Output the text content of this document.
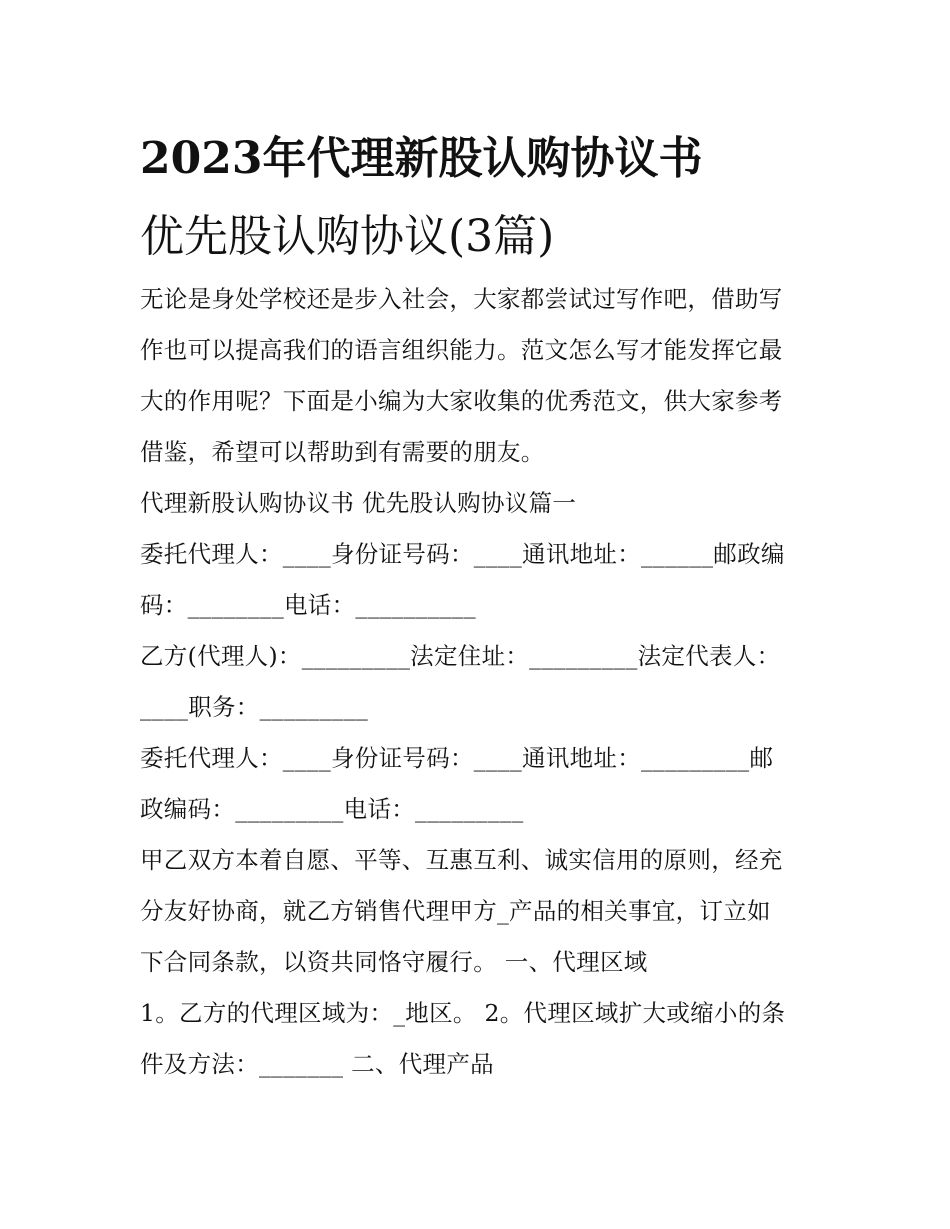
2023年代理新股认购协议书
优先股认购协议(3篇)
无论是身处学校还是步入社会，大家都尝试过写作吧，借助写
作也可以提高我们的语言组织能力。范文怎么写才能发挥它最
大的作用呢？下面是小编为大家收集的优秀范文，供大家参考
借鉴，希望可以帮助到有需要的朋友。
代理新股认购协议书 优先股认购协议篇一
委托代理人：____身份证号码：____通讯地址：______邮政编
码：________电话：__________
乙方(代理人)：_________法定住址：_________法定代表人：
____职务：_________
委托代理人：____身份证号码：____通讯地址：_________邮
政编码：_________电话：_________
甲乙双方本着自愿、平等、互惠互利、诚实信用的原则，经充
分友好协商，就乙方销售代理甲方_产品的相关事宜，订立如
下合同条款，以资共同恪守履行。 一、代理区域
1。乙方的代理区域为：_地区。 2。代理区域扩大或缩小的条
件及方法：_______ 二、代理产品
